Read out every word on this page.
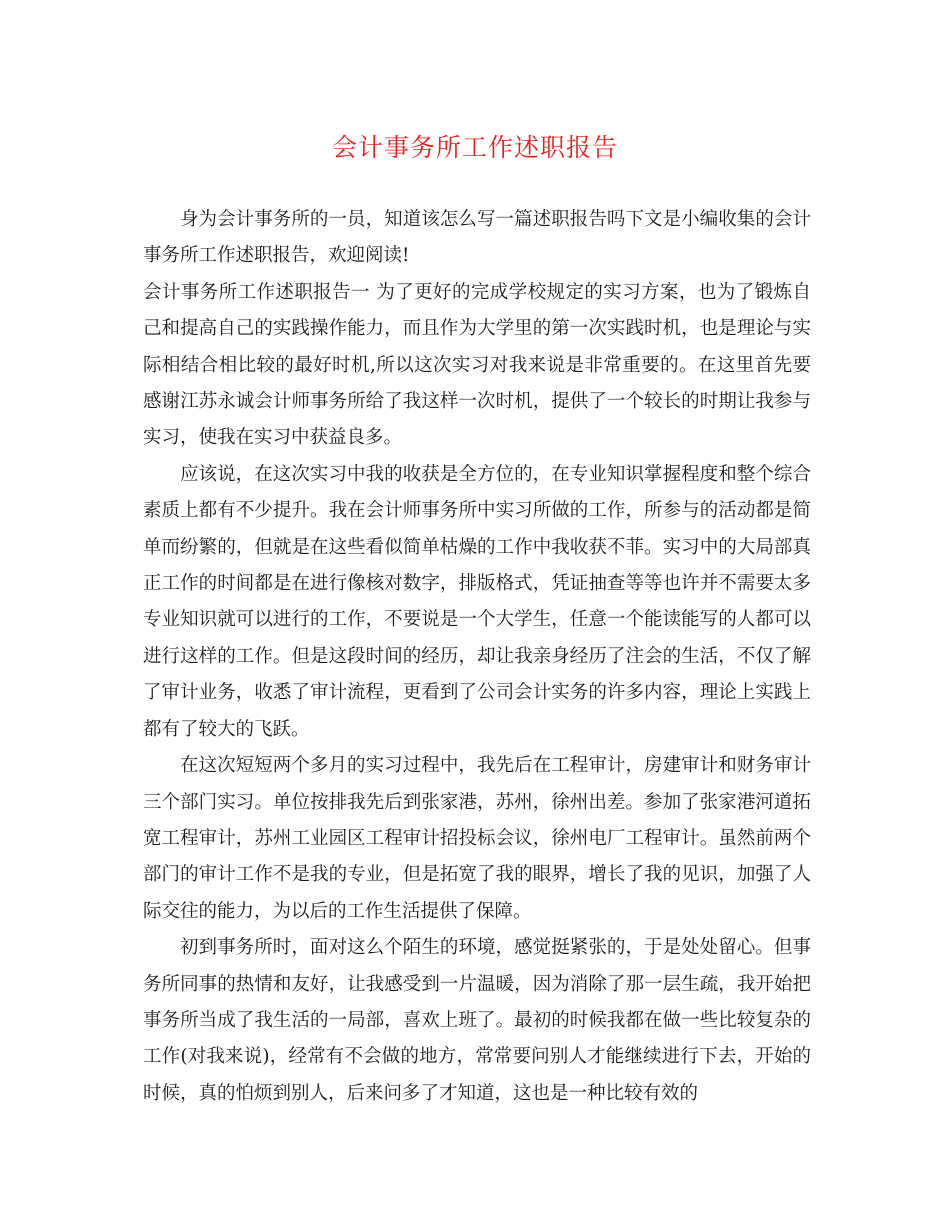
会计事务所工作述职报告

身为会计事务所的一员，知道该怎么写一篇述职报告吗下文是小编收集的会计事务所工作述职报告，欢迎阅读!

会计事务所工作述职报告一 为了更好的完成学校规定的实习方案，也为了锻炼自己和提高自己的实践操作能力，而且作为大学里的第一次实践时机，也是理论与实际相结合相比较的最好时机,所以这次实习对我来说是非常重要的。在这里首先要感谢江苏永诚会计师事务所给了我这样一次时机，提供了一个较长的时期让我参与实习，使我在实习中获益良多。

应该说，在这次实习中我的收获是全方位的，在专业知识掌握程度和整个综合素质上都有不少提升。我在会计师事务所中实习所做的工作，所参与的活动都是简单而纷繁的，但就是在这些看似简单枯燥的工作中我收获不菲。实习中的大局部真正工作的时间都是在进行像核对数字，排版格式，凭证抽查等等也许并不需要太多专业知识就可以进行的工作，不要说是一个大学生，任意一个能读能写的人都可以进行这样的工作。但是这段时间的经历，却让我亲身经历了注会的生活，不仅了解了审计业务，收悉了审计流程，更看到了公司会计实务的许多内容，理论上实践上都有了较大的飞跃。

在这次短短两个多月的实习过程中，我先后在工程审计，房建审计和财务审计三个部门实习。单位按排我先后到张家港，苏州，徐州出差。参加了张家港河道拓宽工程审计，苏州工业园区工程审计招投标会议，徐州电厂工程审计。虽然前两个部门的审计工作不是我的专业，但是拓宽了我的眼界，增长了我的见识，加强了人际交往的能力，为以后的工作生活提供了保障。

初到事务所时，面对这么个陌生的环境，感觉挺紧张的，于是处处留心。但事务所同事的热情和友好，让我感受到一片温暖，因为消除了那一层生疏，我开始把事务所当成了我生活的一局部，喜欢上班了。最初的时候我都在做一些比较复杂的工作(对我来说)，经常有不会做的地方，常常要问别人才能继续进行下去，开始的时候，真的怕烦到别人，后来问多了才知道，这也是一种比较有效的
